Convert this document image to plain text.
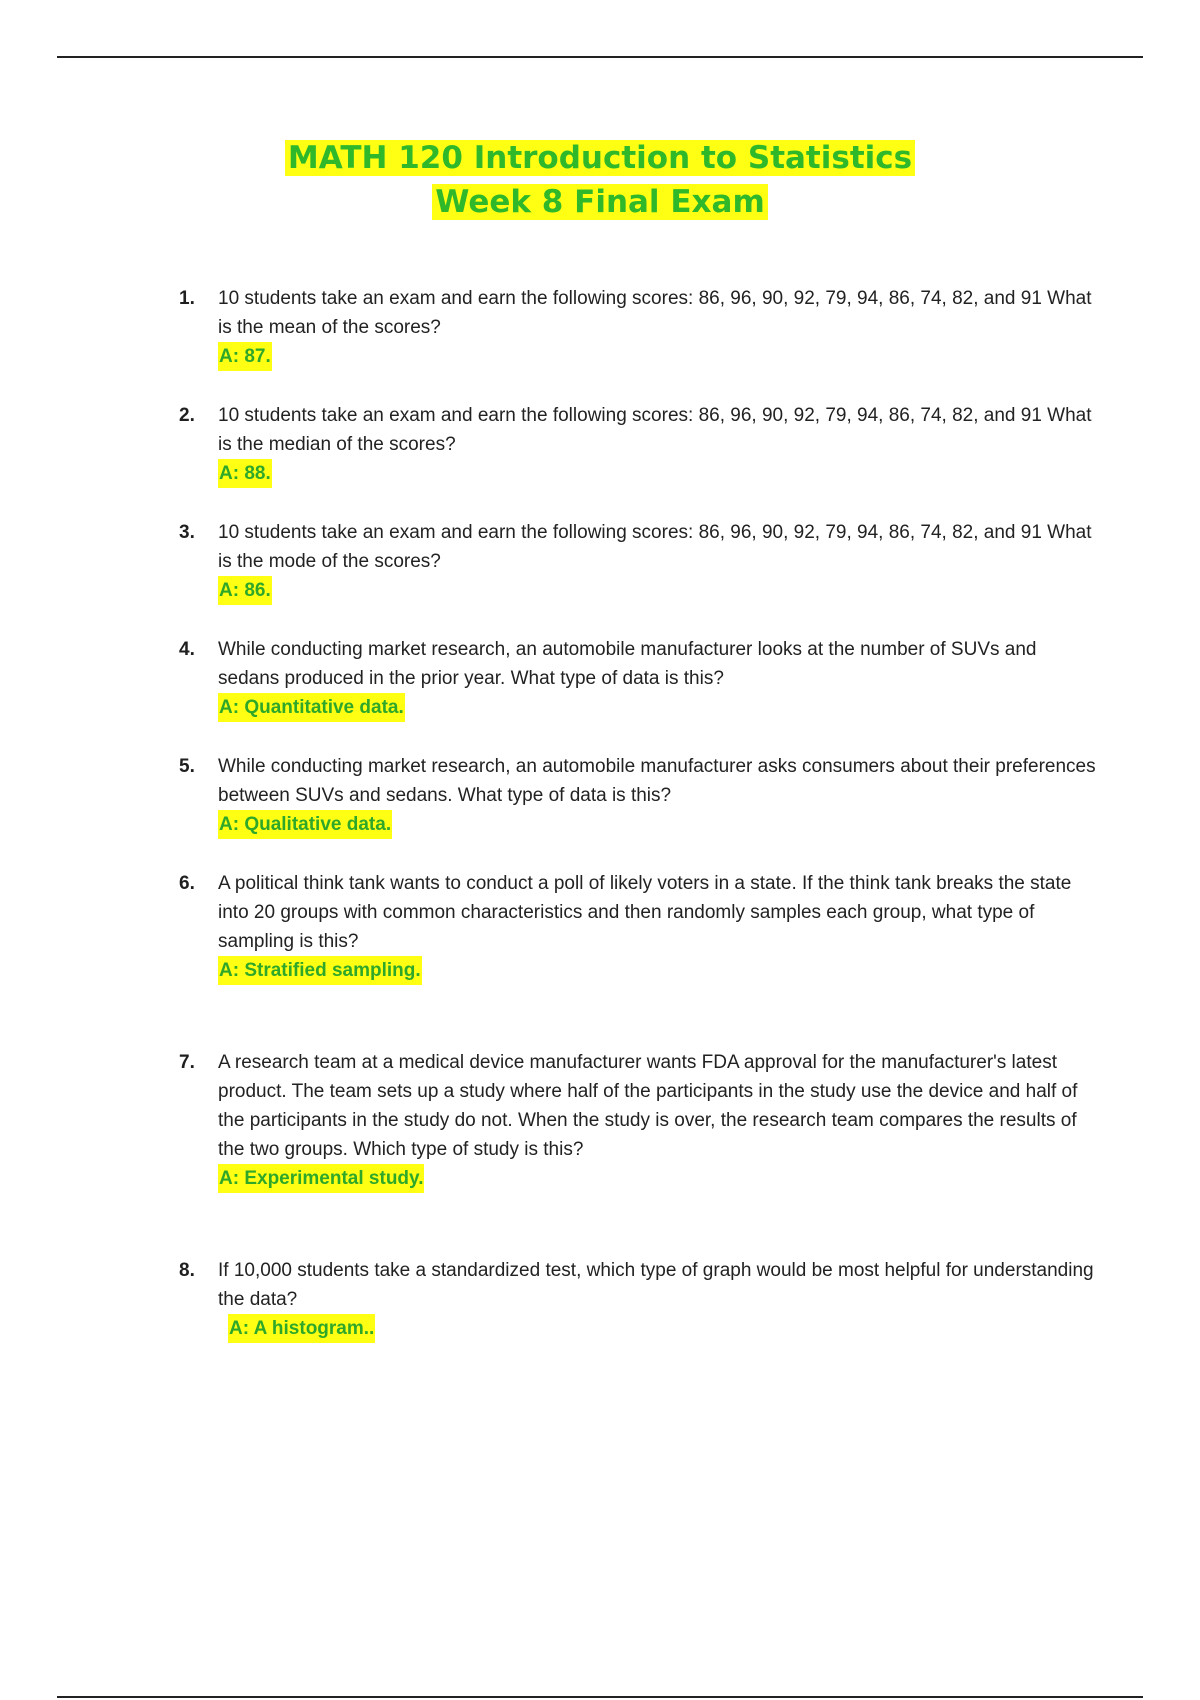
MATH 120 Introduction to Statistics
Week 8 Final Exam
1. 10 students take an exam and earn the following scores: 86, 96, 90, 92, 79, 94, 86, 74, 82, and 91 What is the mean of the scores?
A: 87.
2. 10 students take an exam and earn the following scores: 86, 96, 90, 92, 79, 94, 86, 74, 82, and 91 What is the median of the scores?
A: 88.
3. 10 students take an exam and earn the following scores: 86, 96, 90, 92, 79, 94, 86, 74, 82, and 91 What is the mode of the scores?
A: 86.
4. While conducting market research, an automobile manufacturer looks at the number of SUVs and sedans produced in the prior year. What type of data is this?
A: Quantitative data.
5. While conducting market research, an automobile manufacturer asks consumers about their preferences between SUVs and sedans. What type of data is this?
A: Qualitative data.
6. A political think tank wants to conduct a poll of likely voters in a state. If the think tank breaks the state into 20 groups with common characteristics and then randomly samples each group, what type of sampling is this?
A: Stratified sampling.
7. A research team at a medical device manufacturer wants FDA approval for the manufacturer's latest product. The team sets up a study where half of the participants in the study use the device and half of the participants in the study do not. When the study is over, the research team compares the results of the two groups. Which type of study is this?
A: Experimental study.
8. If 10,000 students take a standardized test, which type of graph would be most helpful for understanding the data?
A: A histogram..
